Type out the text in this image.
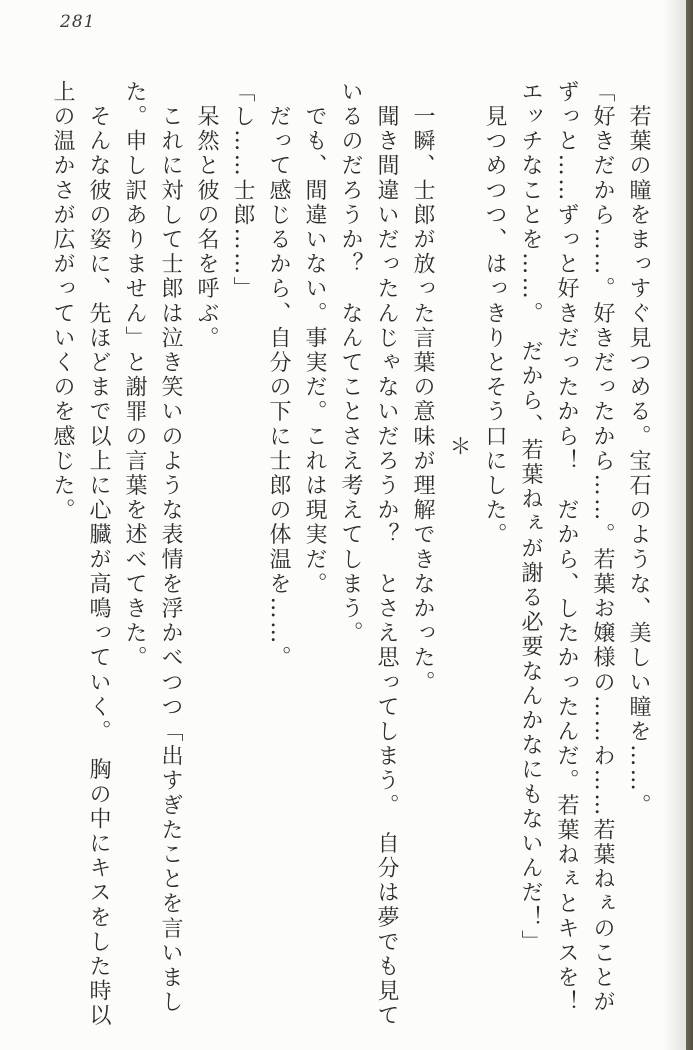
281

　若葉の瞳をまっすぐ見つめる。宝石のような、美しい瞳を……。

「好きだから……。好きだったから……。若葉お嬢様の……わ……若葉ねぇのことが

ずっと……ずっと好きだったから！　だから、したかったんだ。若葉ねぇとキスを！

エッチなことを……。　だから、若葉ねぇが謝る必要なんかなにもないんだ！」

　見つめつつ、はっきりとそう口にした。

＊

　一瞬、士郎が放った言葉の意味が理解できなかった。

　聞き間違いだったんじゃないだろうか？　とさえ思ってしまう。　自分は夢でも見て

いるのだろうか？　なんてことさえ考えてしまう。

　でも、間違いない。事実だ。これは現実だ。

　だって感じるから、自分の下に士郎の体温を……。

「し……士郎……」

　呆然と彼の名を呼ぶ。

　これに対して士郎は泣き笑いのような表情を浮かべつつ「出すぎたことを言いまし

た。申し訳ありません」と謝罪の言葉を述べてきた。

　そんな彼の姿に、先ほどまで以上に心臓が高鳴っていく。　胸の中にキスをした時以

上の温かさが広がっていくのを感じた。
